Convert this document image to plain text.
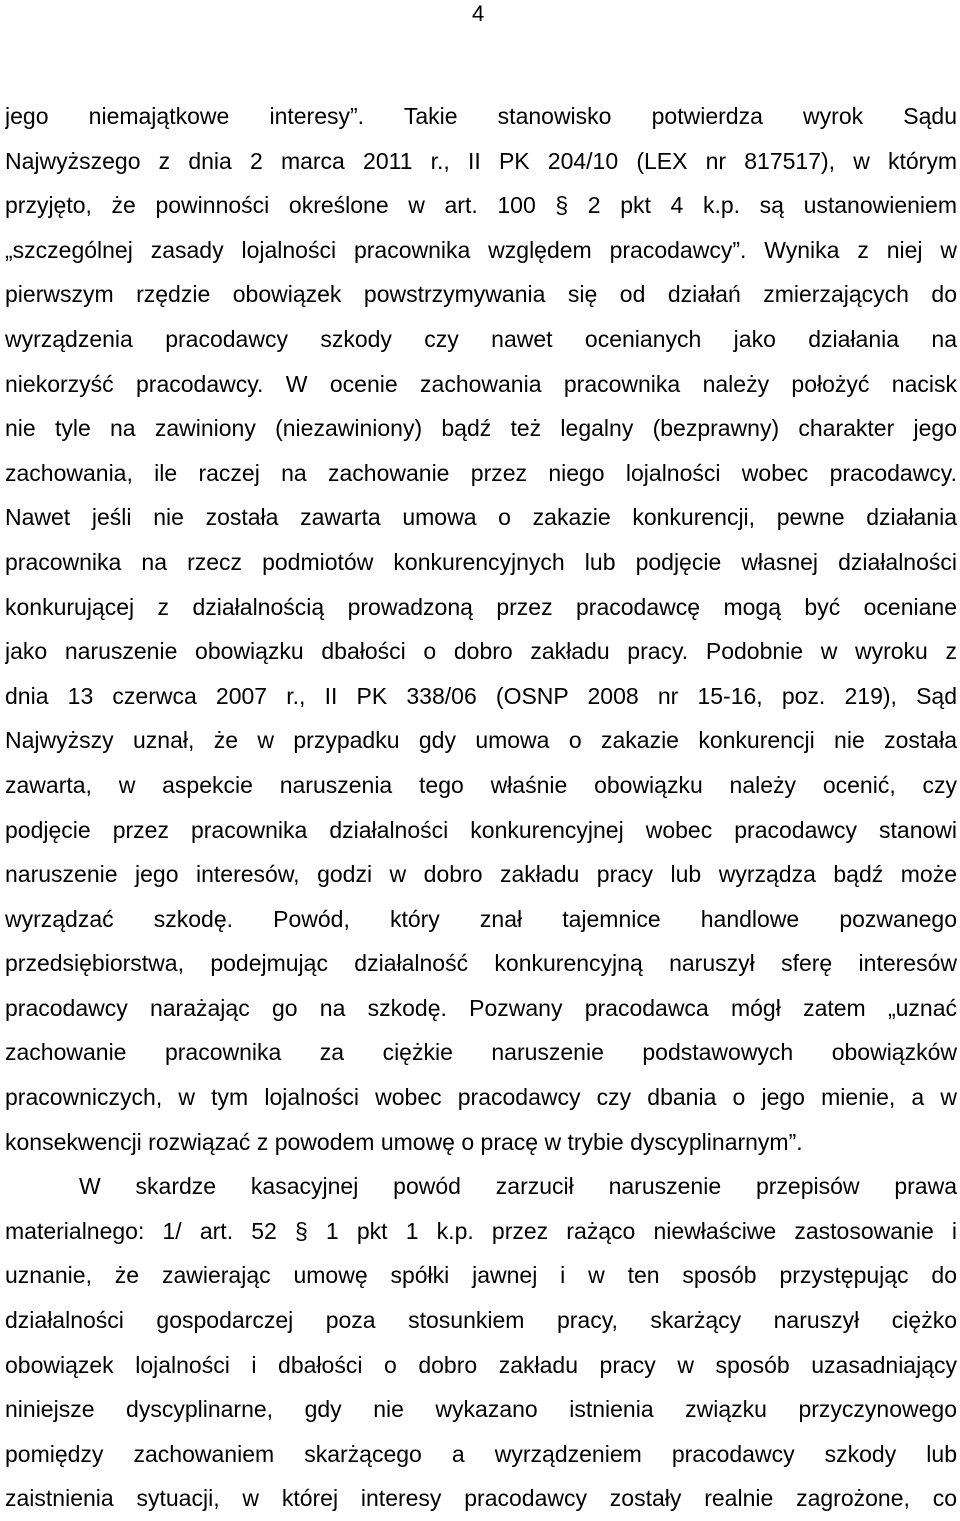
4
jego niemajątkowe interesy”. Takie stanowisko potwierdza wyrok Sądu
Najwyższego z dnia 2 marca 2011 r., II PK 204/10 (LEX nr 817517), w którym
przyjęto, że powinności określone w art. 100 § 2 pkt 4 k.p. są ustanowieniem
„szczególnej zasady lojalności pracownika względem pracodawcy”. Wynika z niej w
pierwszym rzędzie obowiązek powstrzymywania się od działań zmierzających do
wyrządzenia pracodawcy szkody czy nawet ocenianych jako działania na
niekorzyść pracodawcy. W ocenie zachowania pracownika należy położyć nacisk
nie tyle na zawiniony (niezawiniony) bądź też legalny (bezprawny) charakter jego
zachowania, ile raczej na zachowanie przez niego lojalności wobec pracodawcy.
Nawet jeśli nie została zawarta umowa o zakazie konkurencji, pewne działania
pracownika na rzecz podmiotów konkurencyjnych lub podjęcie własnej działalności
konkurującej z działalnością prowadzoną przez pracodawcę mogą być oceniane
jako naruszenie obowiązku dbałości o dobro zakładu pracy. Podobnie w wyroku z
dnia 13 czerwca 2007 r., II PK 338/06 (OSNP 2008 nr 15-16, poz. 219), Sąd
Najwyższy uznał, że w przypadku gdy umowa o zakazie konkurencji nie została
zawarta, w aspekcie naruszenia tego właśnie obowiązku należy ocenić, czy
podjęcie przez pracownika działalności konkurencyjnej wobec pracodawcy stanowi
naruszenie jego interesów, godzi w dobro zakładu pracy lub wyrządza bądź może
wyrządzać szkodę. Powód, który znał tajemnice handlowe pozwanego
przedsiębiorstwa, podejmując działalność konkurencyjną naruszył sferę interesów
pracodawcy narażając go na szkodę. Pozwany pracodawca mógł zatem „uznać
zachowanie pracownika za ciężkie naruszenie podstawowych obowiązków
pracowniczych, w tym lojalności wobec pracodawcy czy dbania o jego mienie, a w
konsekwencji rozwiązać z powodem umowę o pracę w trybie dyscyplinarnym”.
W skardze kasacyjnej powód zarzucił naruszenie przepisów prawa
materialnego: 1/ art. 52 § 1 pkt 1 k.p. przez rażąco niewłaściwe zastosowanie i
uznanie, że zawierając umowę spółki jawnej i w ten sposób przystępując do
działalności gospodarczej poza stosunkiem pracy, skarżący naruszył ciężko
obowiązek lojalności i dbałości o dobro zakładu pracy w sposób uzasadniający
niniejsze dyscyplinarne, gdy nie wykazano istnienia związku przyczynowego
pomiędzy zachowaniem skarżącego a wyrządzeniem pracodawcy szkody lub
zaistnienia sytuacji, w której interesy pracodawcy zostały realnie zagrożone, co
